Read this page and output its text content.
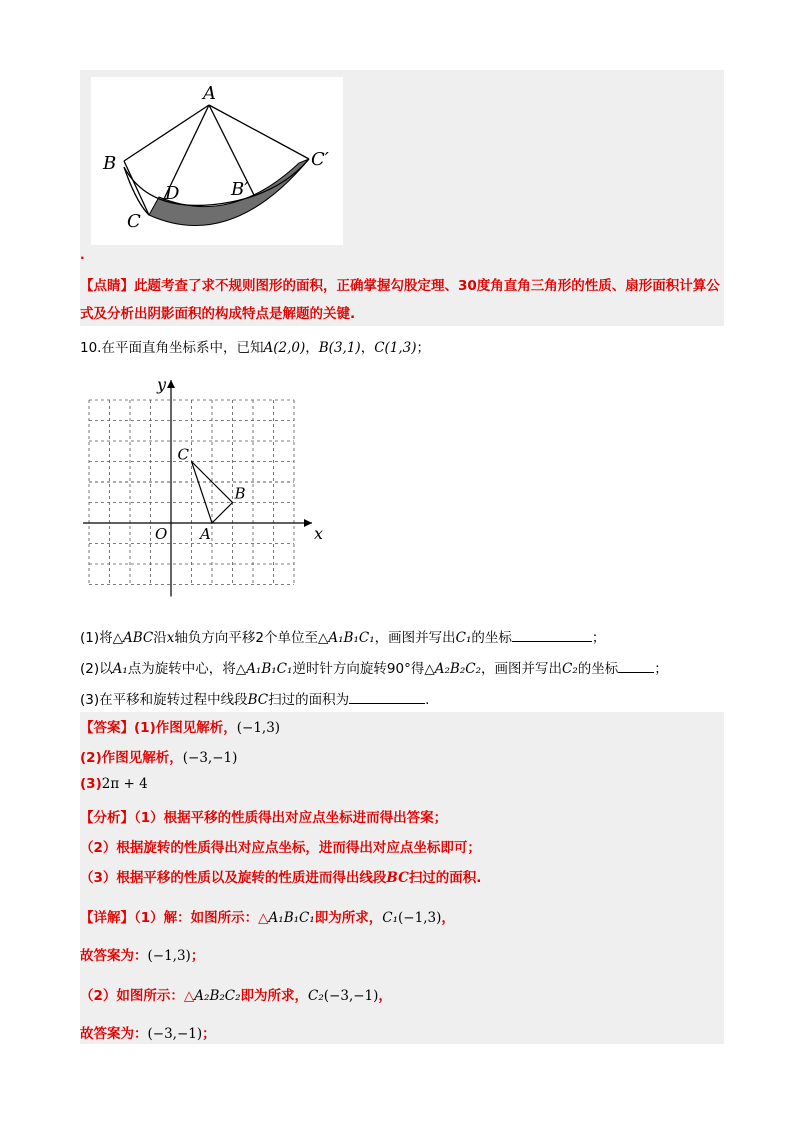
A
B
C
D	B′
C′
.
【点睛】此题考查了求不规则图形的面积，正确掌握勾股定理、30度角直角三角形的性质、扇形面积计算公式及分析出阴影面积的构成特点是解题的关键.
10.在平面直角坐标系中，已知A(2,0)，B(3,1)，C(1,3)；
y
x
O A
B
C
(1)将△ABC沿x轴负方向平移2个单位至△A₁B₁C₁，画图并写出C₁的坐标	；
(2)以A₁点为旋转中心，将△A₁B₁C₁逆时针方向旋转90°得△A₂B₂C₂，画图并写出C₂的坐标	；
(3)在平移和旋转过程中线段BC扫过的面积为	.
【答案】(1)作图见解析，(−1,3)
(2)作图见解析，(−3,−1)
(3)2π + 4
【分析】（1）根据平移的性质得出对应点坐标进而得出答案；
（2）根据旋转的性质得出对应点坐标，进而得出对应点坐标即可；
（3）根据平移的性质以及旋转的性质进而得出线段BC扫过的面积.
【详解】（1）解：如图所示：△A₁B₁C₁即为所求，C₁(−1,3)，
故答案为：(−1,3)；
（2）如图所示：△A₂B₂C₂即为所求，C₂(−3,−1)，
故答案为：(−3,−1)；
